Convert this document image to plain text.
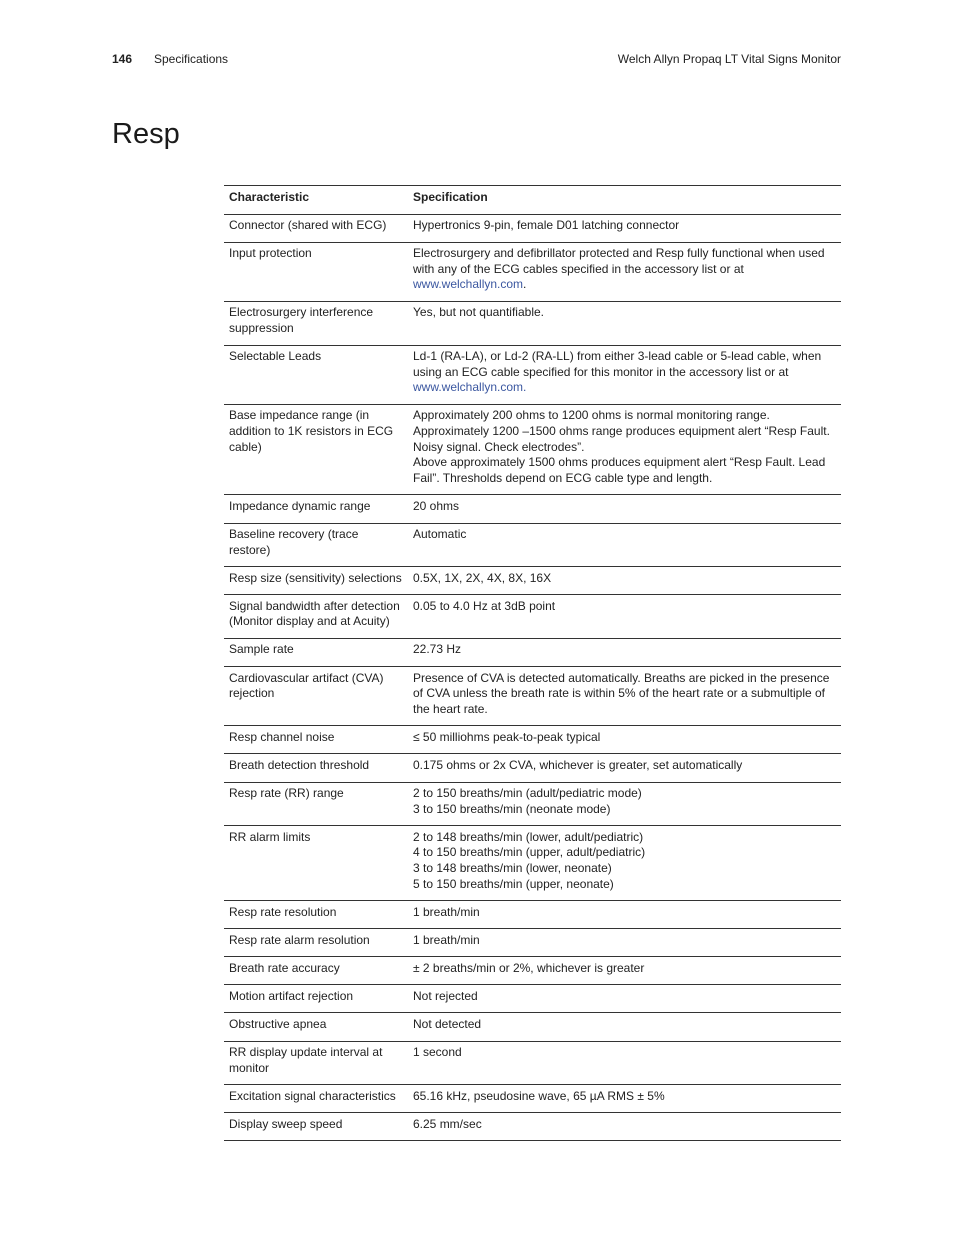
146 Specifications	Welch Allyn Propaq LT Vital Signs Monitor
Resp
Characteristic	Specification
Connector (shared with ECG)	Hypertronics 9-pin, female D01 latching connector
Input protection	Electrosurgery and defibrillator protected and Resp fully functional when used with any of the ECG cables specified in the accessory list or at www.welchallyn.com.
Electrosurgery interference suppression	Yes, but not quantifiable.
Selectable Leads	Ld-1 (RA-LA), or Ld-2 (RA-LL) from either 3-lead cable or 5-lead cable, when using an ECG cable specified for this monitor in the accessory list or at www.welchallyn.com.
Base impedance range (in addition to 1K resistors in ECG cable)	Approximately 200 ohms to 1200 ohms is normal monitoring range.
Approximately 1200 –1500 ohms range produces equipment alert “Resp Fault. Noisy signal. Check electrodes”.
Above approximately 1500 ohms produces equipment alert “Resp Fault. Lead Fail”. Thresholds depend on ECG cable type and length.
Impedance dynamic range	20 ohms
Baseline recovery (trace restore)	Automatic
Resp size (sensitivity) selections	0.5X, 1X, 2X, 4X, 8X, 16X
Signal bandwidth after detection (Monitor display and at Acuity)	0.05 to 4.0 Hz at 3dB point
Sample rate	22.73 Hz
Cardiovascular artifact (CVA) rejection	Presence of CVA is detected automatically. Breaths are picked in the presence of CVA unless the breath rate is within 5% of the heart rate or a submultiple of the heart rate.
Resp channel noise	≤ 50 milliohms peak-to-peak typical
Breath detection threshold	0.175 ohms or 2x CVA, whichever is greater, set automatically
Resp rate (RR) range	2 to 150 breaths/min (adult/pediatric mode)
3 to 150 breaths/min (neonate mode)
RR alarm limits	2 to 148 breaths/min (lower, adult/pediatric)
4 to 150 breaths/min (upper, adult/pediatric)
3 to 148 breaths/min (lower, neonate)
5 to 150 breaths/min (upper, neonate)
Resp rate resolution	1 breath/min
Resp rate alarm resolution	1 breath/min
Breath rate accuracy	± 2 breaths/min or 2%, whichever is greater
Motion artifact rejection	Not rejected
Obstructive apnea	Not detected
RR display update interval at monitor	1 second
Excitation signal characteristics	65.16 kHz, pseudosine wave, 65 µA RMS ± 5%
Display sweep speed	6.25 mm/sec
